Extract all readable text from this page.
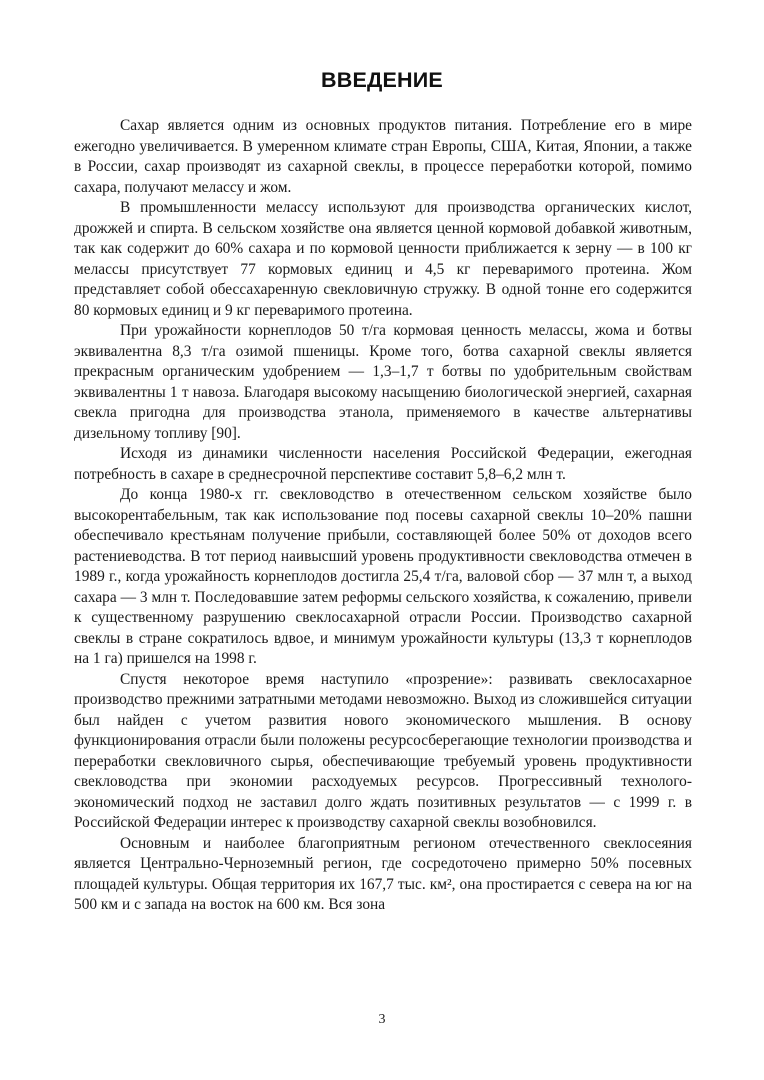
ВВЕДЕНИЕ

Сахар является одним из основных продуктов питания. Потребление его в мире ежегодно увеличивается. В умеренном климате стран Европы, США, Китая, Японии, а также в России, сахар производят из сахарной свеклы, в процессе переработки которой, помимо сахара, получают мелассу и жом.

В промышленности мелассу используют для производства органических кислот, дрожжей и спирта. В сельском хозяйстве она является ценной кормовой добавкой животным, так как содержит до 60% сахара и по кормовой ценности приближается к зерну — в 100 кг мелассы присутствует 77 кормовых единиц и 4,5 кг переваримого протеина. Жом представляет собой обессахаренную свекловичную стружку. В одной тонне его содержится 80 кормовых единиц и 9 кг переваримого протеина.

При урожайности корнеплодов 50 т/га кормовая ценность мелассы, жома и ботвы эквивалентна 8,3 т/га озимой пшеницы. Кроме того, ботва сахарной свеклы является прекрасным органическим удобрением — 1,3–1,7 т ботвы по удобрительным свойствам эквивалентны 1 т навоза. Благодаря высокому насыщению биологической энергией, сахарная свекла пригодна для производства этанола, применяемого в качестве альтернативы дизельному топливу [90].

Исходя из динамики численности населения Российской Федерации, ежегодная потребность в сахаре в среднесрочной перспективе составит 5,8–6,2 млн т.

До конца 1980-х гг. свекловодство в отечественном сельском хозяйстве было высокорентабельным, так как использование под посевы сахарной свеклы 10–20% пашни обеспечивало крестьянам получение прибыли, составляющей более 50% от доходов всего растениеводства. В тот период наивысший уровень продуктивности свекловодства отмечен в 1989 г., когда урожайность корнеплодов достигла 25,4 т/га, валовой сбор — 37 млн т, а выход сахара — 3 млн т. Последовавшие затем реформы сельского хозяйства, к сожалению, привели к существенному разрушению свеклосахарной отрасли России. Производство сахарной свеклы в стране сократилось вдвое, и минимум урожайности культуры (13,3 т корнеплодов на 1 га) пришелся на 1998 г.

Спустя некоторое время наступило «прозрение»: развивать свеклосахарное производство прежними затратными методами невозможно. Выход из сложившейся ситуации был найден с учетом развития нового экономического мышления. В основу функционирования отрасли были положены ресурсосберегающие технологии производства и переработки свекловичного сырья, обеспечивающие требуемый уровень продуктивности свекловодства при экономии расходуемых ресурсов. Прогрессивный технолого-экономический подход не заставил долго ждать позитивных результатов — с 1999 г. в Российской Федерации интерес к производству сахарной свеклы возобновился.

Основным и наиболее благоприятным регионом отечественного свеклосеяния является Центрально-Черноземный регион, где сосредоточено примерно 50% посевных площадей культуры. Общая территория их 167,7 тыс. км², она простирается с севера на юг на 500 км и с запада на восток на 600 км. Вся зона

3
